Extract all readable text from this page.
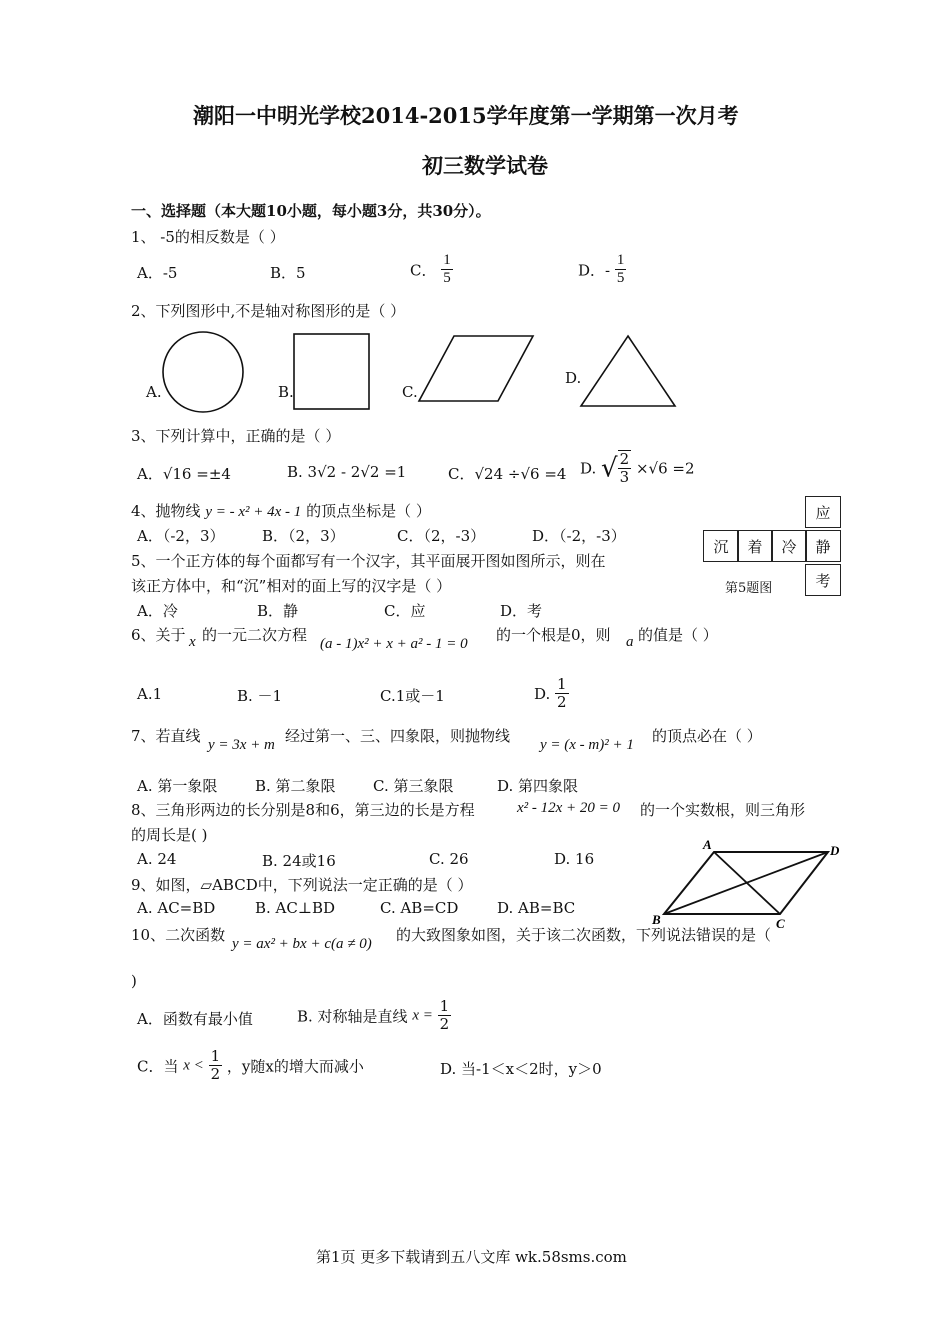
潮阳一中明光学校2014-2015学年度第一学期第一次月考
初三数学试卷
一、选择题（本大题10小题，每小题3分，共30分）。
1、 -5的相反数是（ ）
A．-5	B．5	C． $\frac{1}{5}$	D．- $\frac{1}{5}$
2、下列图形中,不是轴对称图形的是（ ）
A.	B.	C.
D.
3、下列计算中，正确的是（ ）
A．√16 =±4	B. 3√2 - 2√2 =1	C．√24 ÷√6 =4 D. √ $\frac{2}{3} \times√6 =2$
4、抛物线 y = - x² + 4x - 1 的顶点坐标是（ ）
A．（-2，3）	B．（2，3）	C．（2，-3）	D．（-2，-3）
5、一个正方体的每个面都写有一个汉字，其平面展开图如图所示，则在
该正方体中，和“沉”相对的面上写的汉字是（ ）
A．冷	B．静	C．应	D．考
应
沉	着	冷	静
考
第5题图
6、关于 x 的一元二次方程 (a - 1)x² + x + a² - 1 = 0 的一个根是0，则 a 的值是（ ）
A.1	B. －1	C.1或－1	D. $\frac{1}{2}$
7、若直线 y = 3x + m 经过第一、三、四象限，则抛物线 y = (x - m)² + 1 的顶点必在（ ）
A. 第一象限	B. 第二象限 C. 第三象限	D. 第四象限
8、三角形两边的长分别是8和6，第三边的长是方程	x² - 12x + 20 = 0 的一个实数根，则三角形
的周长是( )
A. 24	B. 24或16	C. 26	D. 16
A	D
B	C
9、如图，▱ABCD中，下列说法一定正确的是（ ）
A. AC=BD	B. AC⊥BD	C. AB=CD	D. AB=BC
10、二次函数 y = ax² + bx + c(a ≠ 0) 的大致图象如图，关于该二次函数，下列说法错误的是（
)
A．函数有最小值	B. 对称轴是直线 $x = \frac{1}{2}$
C．当 $x < \frac{1}{2}$ ，y随x的增大而减小	D. 当-1＜x＜2时，y＞0
第1页 更多下载请到五八文库 wk.58sms.com
